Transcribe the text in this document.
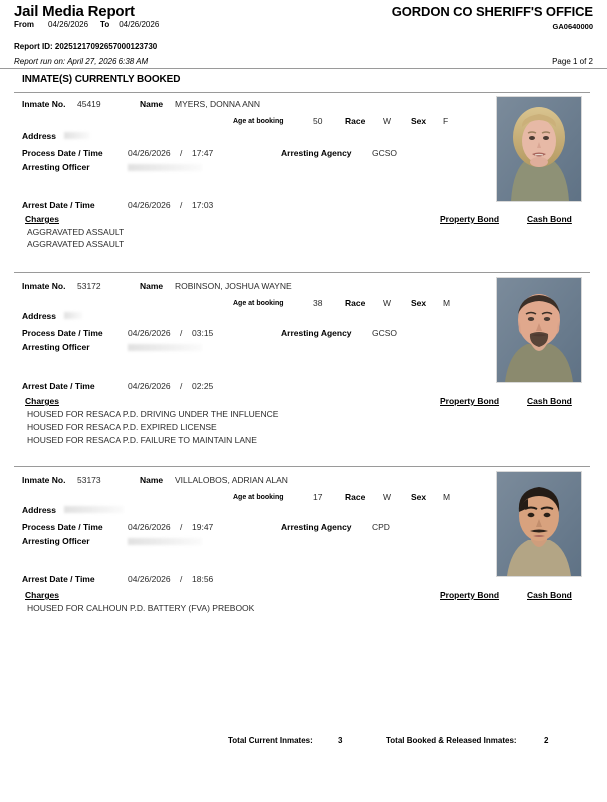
Jail Media Report	GORDON CO SHERIFF'S OFFICE
GA0640000
From 04/26/2026 To 04/26/2026
Report ID: 20251217092657000123730
Report run on: April 27, 2026 6:38 AM	Page 1 of 2
INMATE(S) CURRENTLY BOOKED
Inmate No. 45419	Name MYERS, DONNA ANN
Age at booking	50	Race W Sex F
Address
Process Date / Time	04/26/2026 / 17:47	Arresting Agency GCSO
Arresting Officer
Arrest Date / Time	04/26/2026 / 17:03
Charges	Property Bond	Cash Bond
AGGRAVATED ASSAULT
AGGRAVATED ASSAULT
Inmate No. 53172	Name ROBINSON, JOSHUA WAYNE
Age at booking	38	Race W Sex M
Address
Process Date / Time	04/26/2026 / 03:15	Arresting Agency GCSO
Arresting Officer
Arrest Date / Time	04/26/2026 / 02:25
Charges	Property Bond	Cash Bond
HOUSED FOR RESACA P.D. DRIVING UNDER THE INFLUENCE
HOUSED FOR RESACA P.D. EXPIRED LICENSE
HOUSED FOR RESACA P.D. FAILURE TO MAINTAIN LANE
Inmate No. 53173	Name VILLALOBOS, ADRIAN ALAN
Age at booking	17	Race W Sex M
Address
Process Date / Time	04/26/2026 / 19:47	Arresting Agency CPD
Arresting Officer
Arrest Date / Time	04/26/2026 / 18:56
Charges	Property Bond	Cash Bond
HOUSED FOR CALHOUN P.D. BATTERY (FVA) PREBOOK
Total Current Inmates:	3	Total Booked & Released Inmates:	2
